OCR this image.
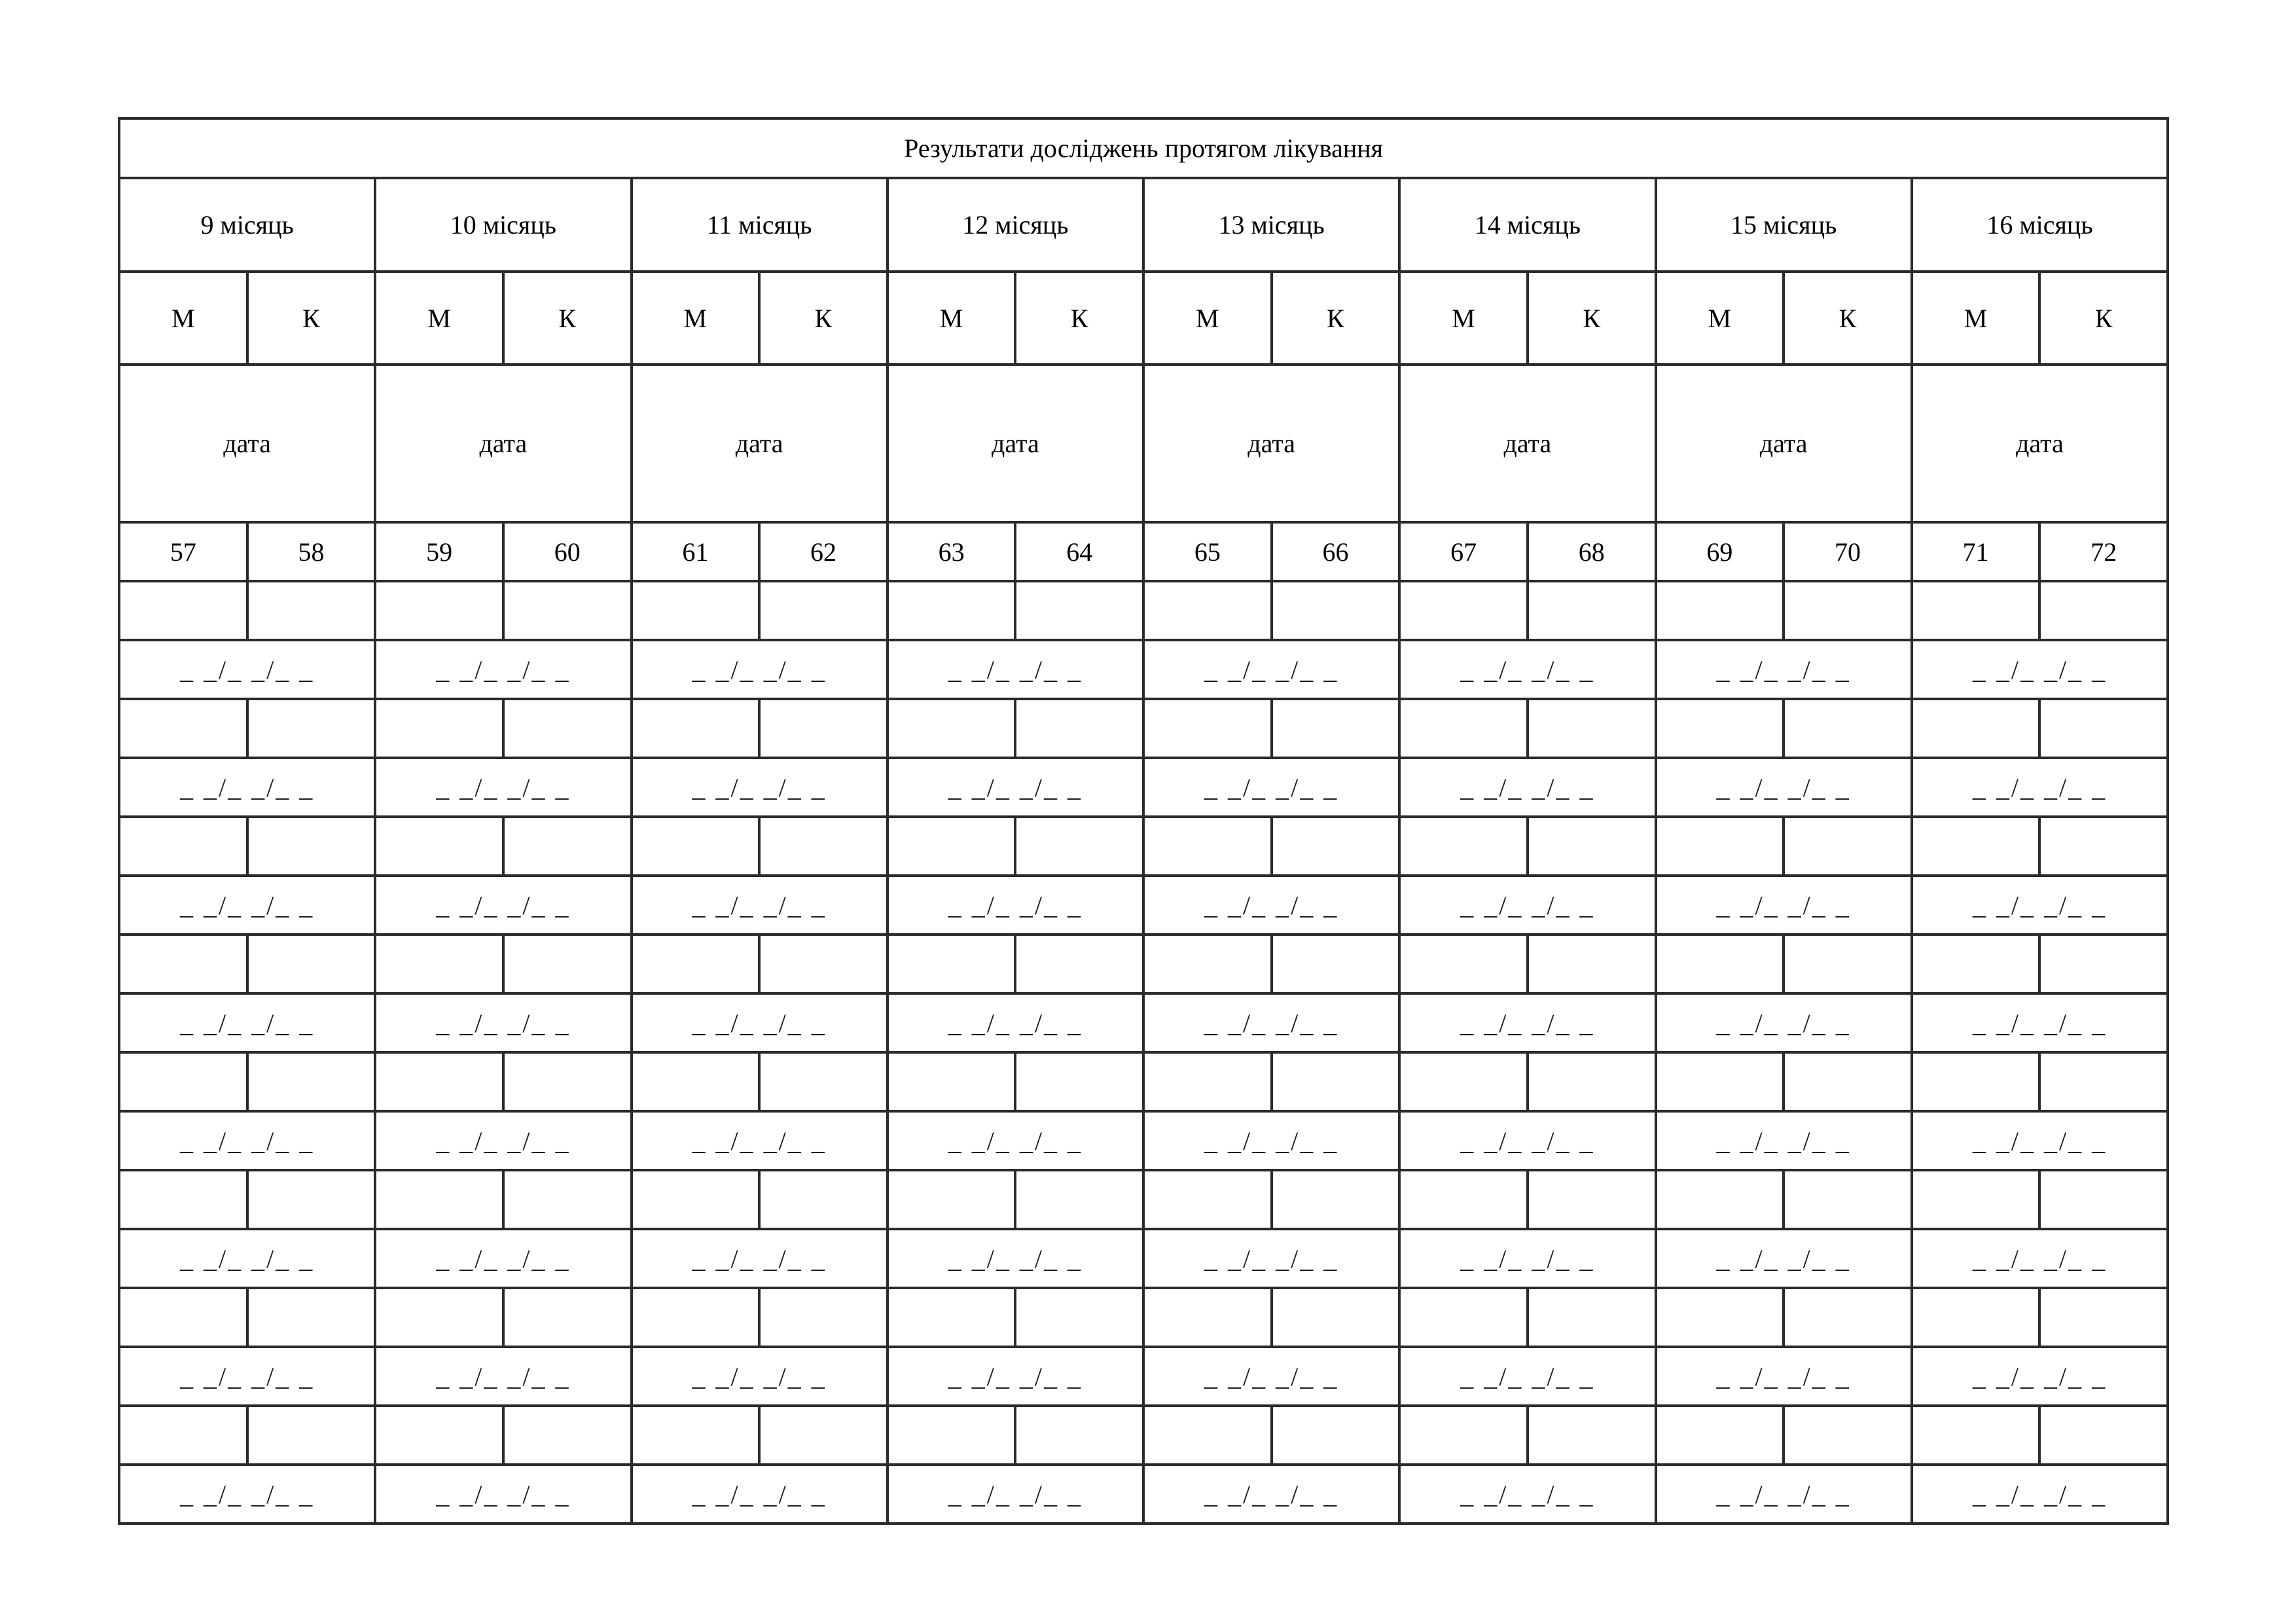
Результати досліджень протягом лікування															
9 місяць		10 місяць		11 місяць		12 місяць		13 місяць		14 місяць		15 місяць		16 місяць	
М	К	М	К	М	К	М	К	М	К	М	К	М	К	М	К
дата		дата		дата		дата		дата		дата		дата		дата	
57	58	59	60	61	62	63	64	65	66	67	68	69	70	71	72

_ _/_ _/_ _		_ _/_ _/_ _		_ _/_ _/_ _		_ _/_ _/_ _		_ _/_ _/_ _		_ _/_ _/_ _		_ _/_ _/_ _		_ _/_ _/_ _	

_ _/_ _/_ _		_ _/_ _/_ _		_ _/_ _/_ _		_ _/_ _/_ _		_ _/_ _/_ _		_ _/_ _/_ _		_ _/_ _/_ _		_ _/_ _/_ _	

_ _/_ _/_ _		_ _/_ _/_ _		_ _/_ _/_ _		_ _/_ _/_ _		_ _/_ _/_ _		_ _/_ _/_ _		_ _/_ _/_ _		_ _/_ _/_ _	

_ _/_ _/_ _		_ _/_ _/_ _		_ _/_ _/_ _		_ _/_ _/_ _		_ _/_ _/_ _		_ _/_ _/_ _		_ _/_ _/_ _		_ _/_ _/_ _	

_ _/_ _/_ _		_ _/_ _/_ _		_ _/_ _/_ _		_ _/_ _/_ _		_ _/_ _/_ _		_ _/_ _/_ _		_ _/_ _/_ _		_ _/_ _/_ _	

_ _/_ _/_ _		_ _/_ _/_ _		_ _/_ _/_ _		_ _/_ _/_ _		_ _/_ _/_ _		_ _/_ _/_ _		_ _/_ _/_ _		_ _/_ _/_ _	

_ _/_ _/_ _		_ _/_ _/_ _		_ _/_ _/_ _		_ _/_ _/_ _		_ _/_ _/_ _		_ _/_ _/_ _		_ _/_ _/_ _		_ _/_ _/_ _	

_ _/_ _/_ _		_ _/_ _/_ _		_ _/_ _/_ _		_ _/_ _/_ _		_ _/_ _/_ _		_ _/_ _/_ _		_ _/_ _/_ _		_ _/_ _/_ _	
